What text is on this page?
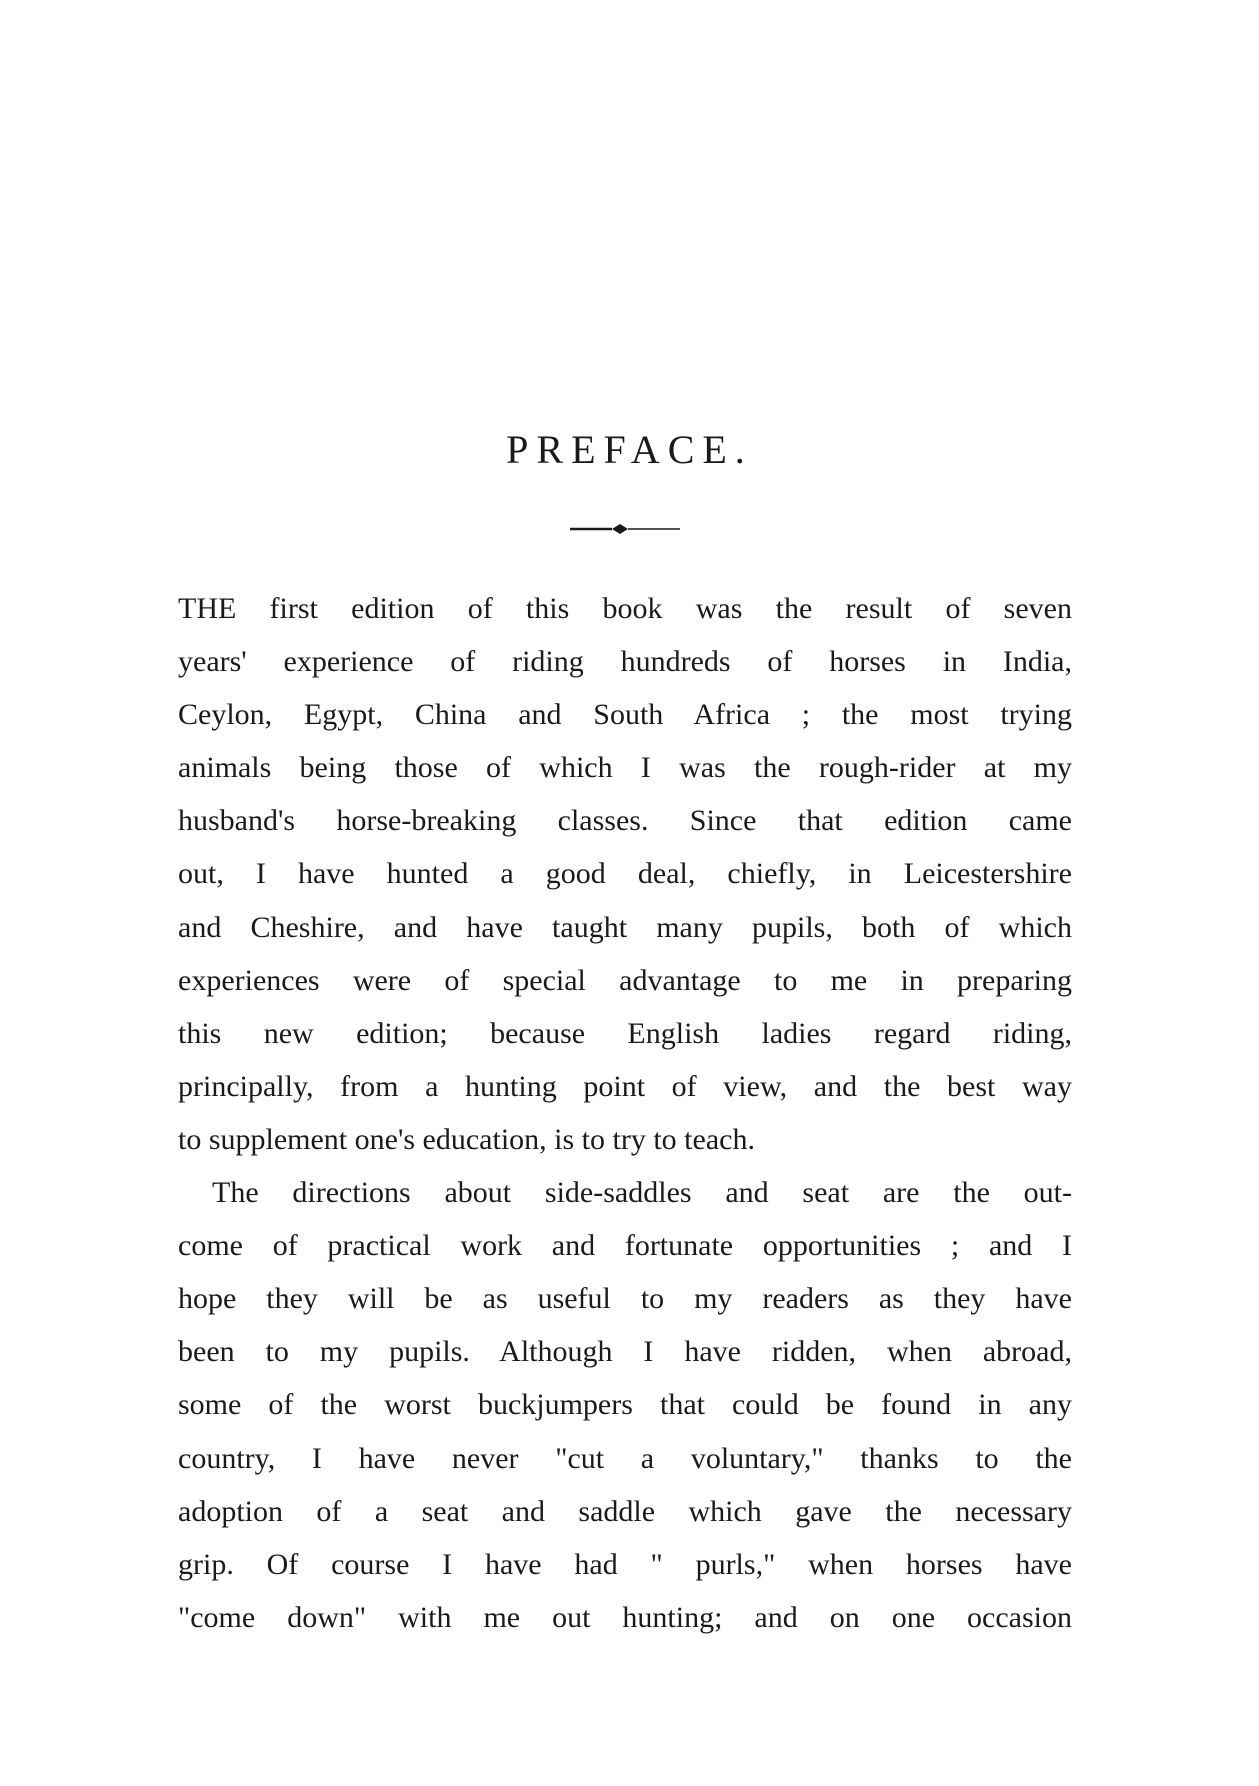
PREFACE.
THE first edition of this book was the result of seven
years' experience of riding hundreds of horses in India,
Ceylon, Egypt, China and South Africa ; the most trying
animals being those of which I was the rough-rider at my
husband's horse-breaking classes. Since that edition came
out, I have hunted a good deal, chiefly, in Leicestershire
and Cheshire, and have taught many pupils, both of which
experiences were of special advantage to me in preparing
this new edition; because English ladies regard riding,
principally, from a hunting point of view, and the best way
to supplement one's education, is to try to teach.
The directions about side-saddles and seat are the out-
come of practical work and fortunate opportunities ; and I
hope they will be as useful to my readers as they have
been to my pupils. Although I have ridden, when abroad,
some of the worst buckjumpers that could be found in any
country, I have never "cut a voluntary," thanks to the
adoption of a seat and saddle which gave the necessary
grip. Of course I have had " purls," when horses have
"come down" with me out hunting; and on one occasion
